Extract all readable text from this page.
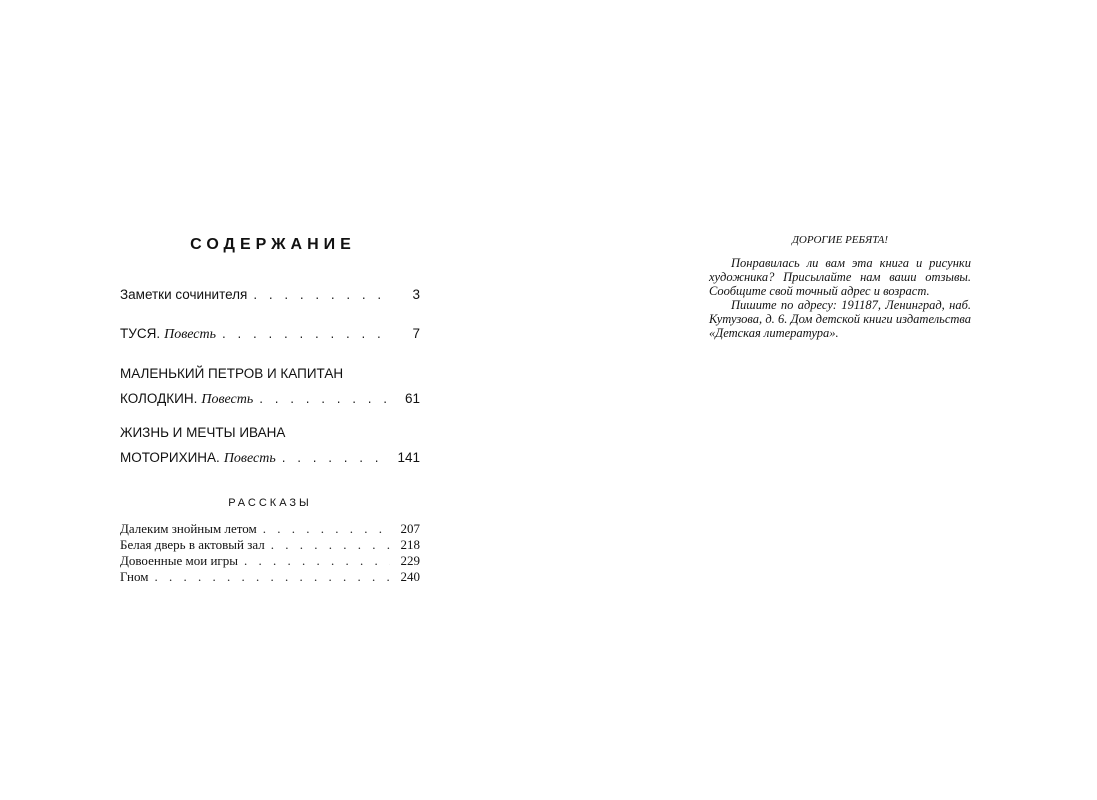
СОДЕРЖАНИЕ
Заметки сочинителя . . .	3
ТУСЯ. Повесть . . .	7
МАЛЕНЬКИЙ ПЕТРОВ И КАПИТАН
КОЛОДКИН. Повесть . . .	61
ЖИЗНЬ И МЕЧТЫ ИВАНА
МОТОРИХИНА. Повесть . . .	141
РАССКАЗЫ
Далеким знойным летом . . .	207
Белая дверь в актовый зал . . .	218
Довоенные мои игры . . .	229
Гном . . .	240
ДОРОГИЕ РЕБЯТА!

Понравилась ли вам эта книга и рисунки художника? Присылайте нам ваши отзывы. Сообщите свой точный адрес и возраст.

Пишите по адресу: 191187, Ленинград, наб. Кутузова, д. 6. Дом детской книги издательства «Детская литература».
